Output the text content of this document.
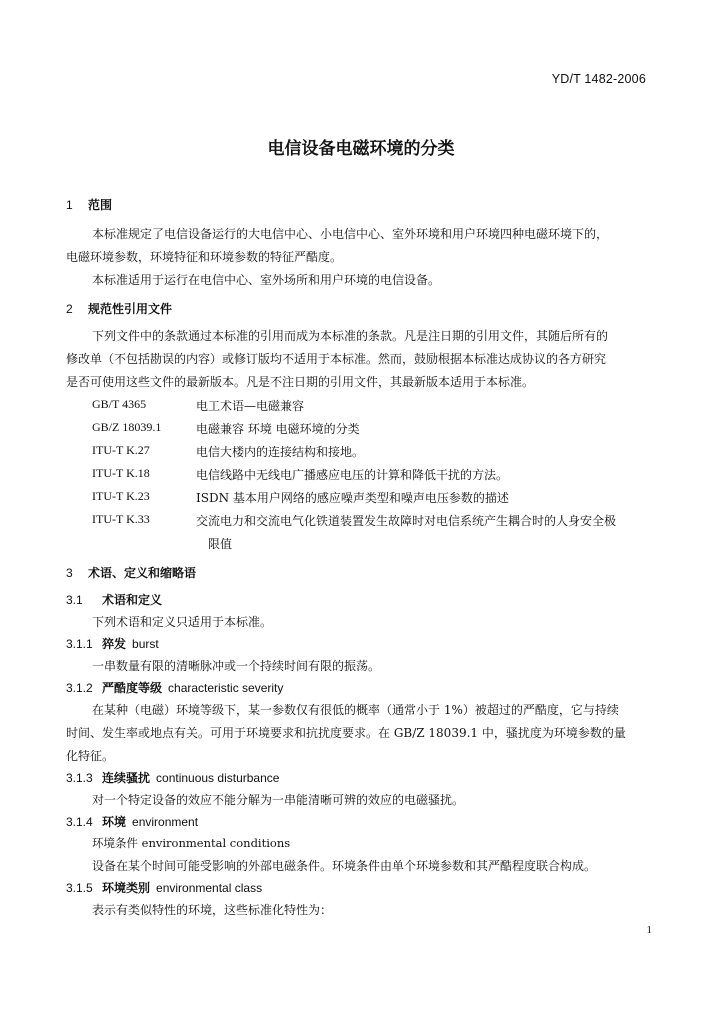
YD/T 1482-2006
电信设备电磁环境的分类
1 范围
本标准规定了电信设备运行的大电信中心、小电信中心、室外环境和用户环境四种电磁环境下的，
电磁环境参数，环境特征和环境参数的特征严酷度。
本标准适用于运行在电信中心、室外场所和用户环境的电信设备。
2 规范性引用文件
下列文件中的条款通过本标准的引用而成为本标准的条款。凡是注日期的引用文件，其随后所有的
修改单（不包括勘误的内容）或修订版均不适用于本标准。然而，鼓励根据本标准达成协议的各方研究
是否可使用这些文件的最新版本。凡是不注日期的引用文件，其最新版本适用于本标准。
GB/T 4365	电工术语—电磁兼容
GB/Z 18039.1	电磁兼容 环境 电磁环境的分类
ITU-T K.27	电信大楼内的连接结构和接地。
ITU-T K.18	电信线路中无线电广播感应电压的计算和降低干扰的方法。
ITU-T K.23	ISDN 基本用户网络的感应噪声类型和噪声电压参数的描述
ITU-T K.33	交流电力和交流电气化铁道装置发生故障时对电信系统产生耦合时的人身安全极
限值
3 术语、定义和缩略语
3.1 术语和定义
下列术语和定义只适用于本标准。
3.1.1 猝发 burst
一串数量有限的清晰脉冲或一个持续时间有限的振荡。
3.1.2 严酷度等级 characteristic severity
在某种（电磁）环境等级下，某一参数仅有很低的概率（通常小于 1%）被超过的严酷度，它与持续
时间、发生率或地点有关。可用于环境要求和抗扰度要求。在 GB/Z 18039.1 中，骚扰度为环境参数的量
化特征。
3.1.3 连续骚扰 continuous disturbance
对一个特定设备的效应不能分解为一串能清晰可辨的效应的电磁骚扰。
3.1.4 环境 environment
环境条件 environmental conditions
设备在某个时间可能受影响的外部电磁条件。环境条件由单个环境参数和其严酷程度联合构成。
3.1.5 环境类别 environmental class
表示有类似特性的环境，这些标准化特性为：
1
